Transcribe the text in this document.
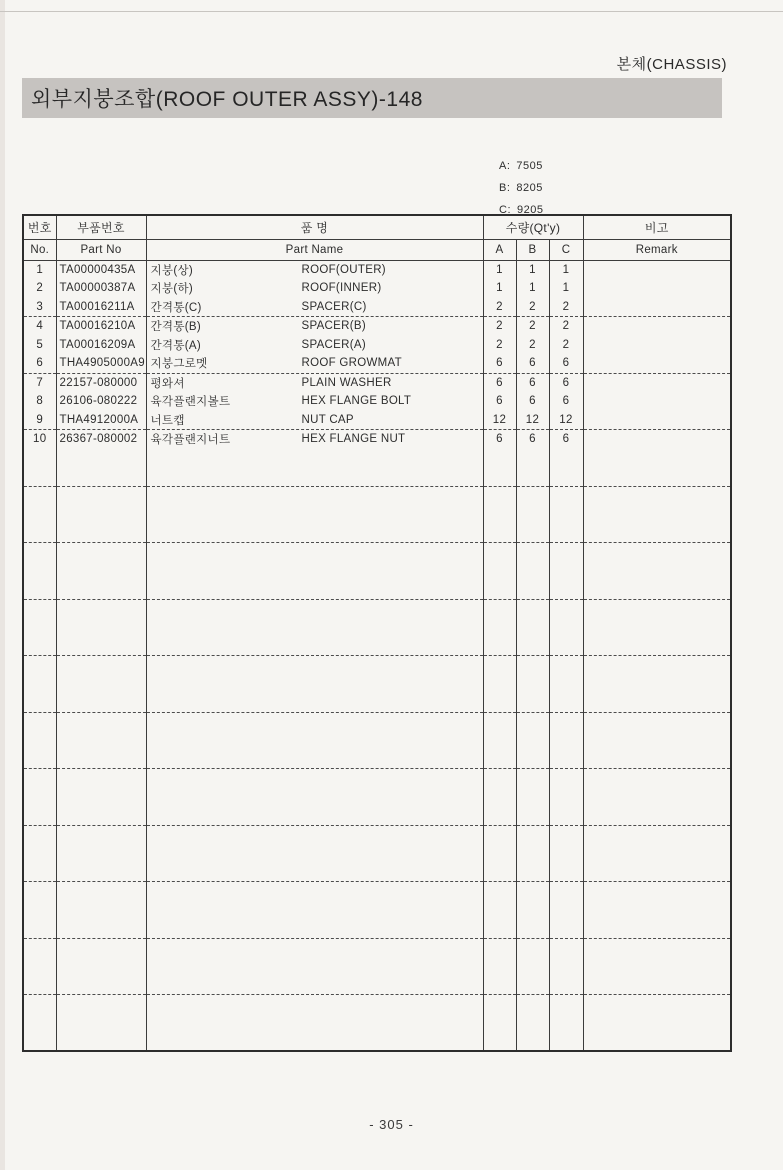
본체(CHASSIS)
외부지붕조합(ROOF OUTER ASSY)-148
A: 7505
B: 8205
C: 9205
번호	부품번호	품 명	수량(Qt'y)			비고
No.	Part No	Part Name	A	B	C	Remark
1	TA00000435A	지붕(상) ROOF(OUTER)	1	1	1	
2	TA00000387A	지붕(하) ROOF(INNER)	1	1	1	
3	TA00016211A	간격통(C) SPACER(C)	2	2	2	
4	TA00016210A	간격통(B) SPACER(B)	2	2	2	
5	TA00016209A	간격통(A) SPACER(A)	2	2	2	
6	THA4905000A9	지붕그로멧 ROOF GROWMAT	6	6	6	
7	22157-080000	평와셔 PLAIN WASHER	6	6	6	
8	26106-080222	육각플랜지볼트 HEX FLANGE BOLT	6	6	6	
9	THA4912000A	너트캡 NUT CAP	12	12	12	
10	26367-080002	육각플랜지너트 HEX FLANGE NUT	6	6	6	

- 305 -
